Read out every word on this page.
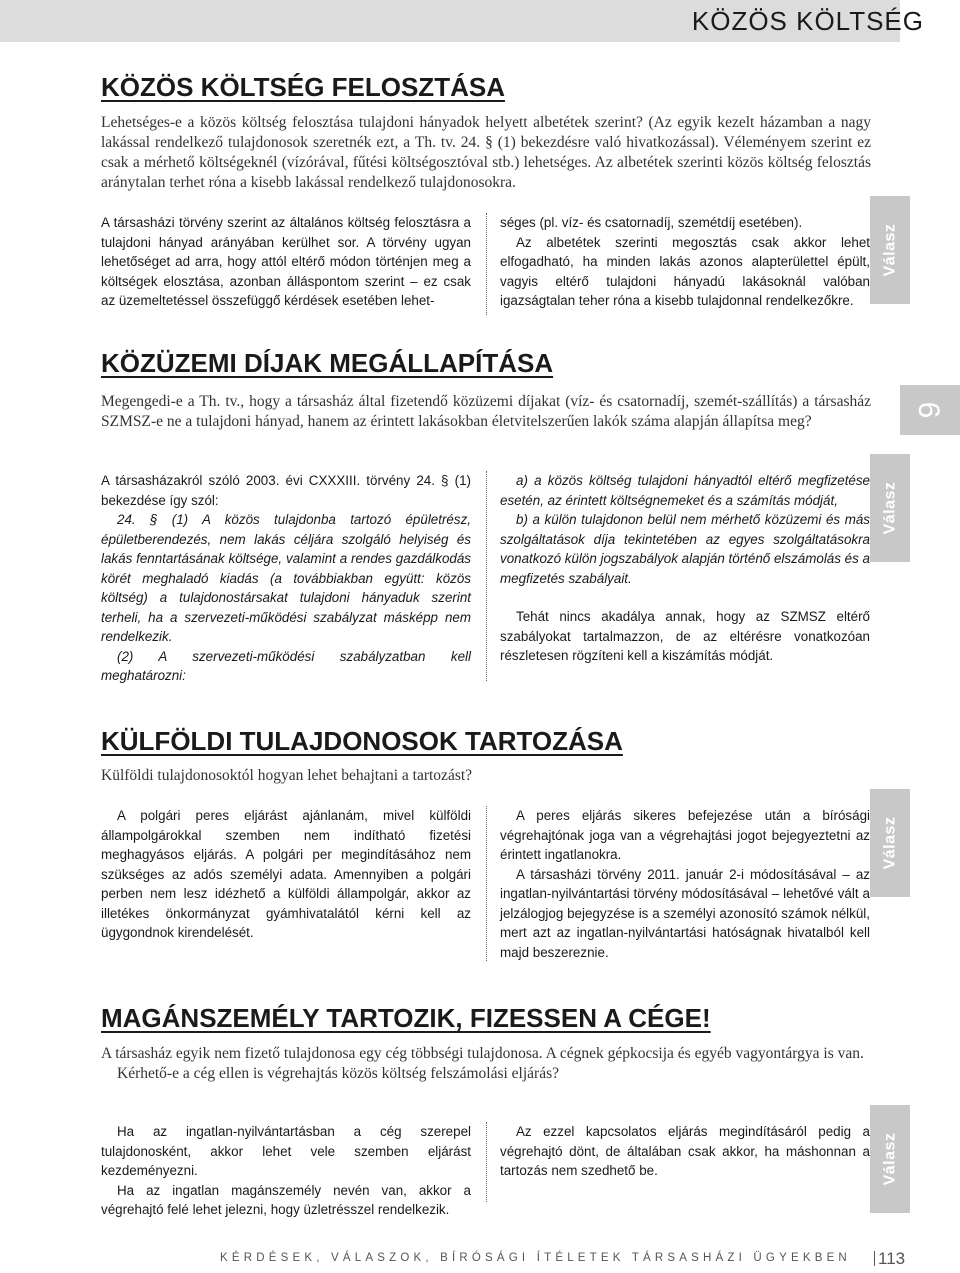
KÖZÖS KÖLTSÉG
9
KÖZÖS KÖLTSÉG FELOSZTÁSA

Lehetséges-e a közös költség felosztása tulajdoni hányadok helyett albetétek szerint? (Az egyik kezelt házamban a nagy lakással rendelkező tulajdonosok szeretnék ezt, a Th. tv. 24. § (1) bekezdésre való hivatkozással). Véleményem szerint ez csak a mérhető költségeknél (vízórával, fűtési költségosztóval stb.) lehetséges. Az albetétek szerinti közös költség felosztás aránytalan terhet róna a kisebb lakással rendelkező tulajdonosokra.

A társasházi törvény szerint az általános költség felosztásra a tulajdoni hányad arányában kerülhet sor. A törvény ugyan lehetőséget ad arra, hogy attól eltérő módon történjen meg a költségek elosztása, azonban álláspontom szerint – ez csak az üzemeltetéssel összefüggő kérdések esetében lehet-

séges (pl. víz- és csatornadíj, szemétdíj esetében).

Az albetétek szerinti megosztás csak akkor lehet elfogadható, ha minden lakás azonos alapterülettel épült, vagyis eltérő tulajdoni hányadú lakásoknál valóban igazságtalan teher róna a kisebb tulajdonnal rendelkezőkre.

Válasz
KÖZÜZEMI DÍJAK MEGÁLLAPÍTÁSA

Megengedi-e a Th. tv., hogy a társasház által fizetendő közüzemi díjakat (víz- és csatornadíj, szemét-szállítás) a társasház SZMSZ-e ne a tulajdoni hányad, hanem az érintett lakásokban életvitelszerűen lakók száma alapján állapítsa meg?

A társasházakról szóló 2003. évi CXXXIII. törvény 24. § (1) bekezdése így szól:

24. § (1) A közös tulajdonba tartozó épületrész, épületberendezés, nem lakás céljára szolgáló helyiség és lakás fenntartásának költsége, valamint a rendes gazdálkodás körét meghaladó kiadás (a továbbiakban együtt: közös költség) a tulajdonostársakat tulajdoni hányaduk szerint terheli, ha a szervezeti-működési szabályzat másképp nem rendelkezik.

(2) A szervezeti-működési szabályzatban kell meghatározni:

a) a közös költség tulajdoni hányadtól eltérő megfizetése esetén, az érintett költségnemeket és a számítás módját,

b) a külön tulajdonon belül nem mérhető közüzemi és más szolgáltatások díja tekintetében az egyes szolgáltatásokra vonatkozó külön jogszabályok alapján történő elszámolás és a megfizetés szabályait.

Tehát nincs akadálya annak, hogy az SZMSZ eltérő szabályokat tartalmazzon, de az eltérésre vonatkozóan részletesen rögzíteni kell a kiszámítás módját.

Válasz
KÜLFÖLDI TULAJDONOSOK TARTOZÁSA

Külföldi tulajdonosoktól hogyan lehet behajtani a tartozást?

A polgári peres eljárást ajánlanám, mivel külföldi állampolgárokkal szemben nem indítható fizetési meghagyásos eljárás. A polgári per megindításához nem szükséges az adós személyi adata. Amennyiben a polgári perben nem lesz idézhető a külföldi állampolgár, akkor az illetékes önkormányzat gyámhivatalától kérni kell az ügygondnok kirendelését.

A peres eljárás sikeres befejezése után a bírósági végrehajtónak joga van a végrehajtási jogot bejegyeztetni az érintett ingatlanokra.

A társasházi törvény 2011. január 2-i módosításával – az ingatlan-nyilvántartási törvény módosításával – lehetővé vált a jelzálogjog bejegyzése is a személyi azonosító számok nélkül, mert azt az ingatlan-nyilvántartási hatóságnak hivatalból kell majd beszereznie.

Válasz
MAGÁNSZEMÉLY TARTOZIK, FIZESSEN A CÉGE!

A társasház egyik nem fizető tulajdonosa egy cég többségi tulajdonosa. A cégnek gépkocsija és egyéb vagyontárgya is van.

Kérhető-e a cég ellen is végrehajtás közös költség felszámolási eljárás?

Ha az ingatlan-nyilvántartásban a cég szerepel tulajdonosként, akkor lehet vele szemben eljárást kezdeményezni.

Ha az ingatlan magánszemély nevén van, akkor a végrehajtó felé lehet jelezni, hogy üzletrésszel rendelkezik.

Az ezzel kapcsolatos eljárás megindításáról pedig a végrehajtó dönt, de általában csak akkor, ha máshonnan a tartozás nem szedhető be.	Válasz
KÉRDÉSEK, VÁLASZOK, BÍRÓSÁGI ÍTÉLETEK TÁRSASHÁZI ÜGYEKBEN 113
